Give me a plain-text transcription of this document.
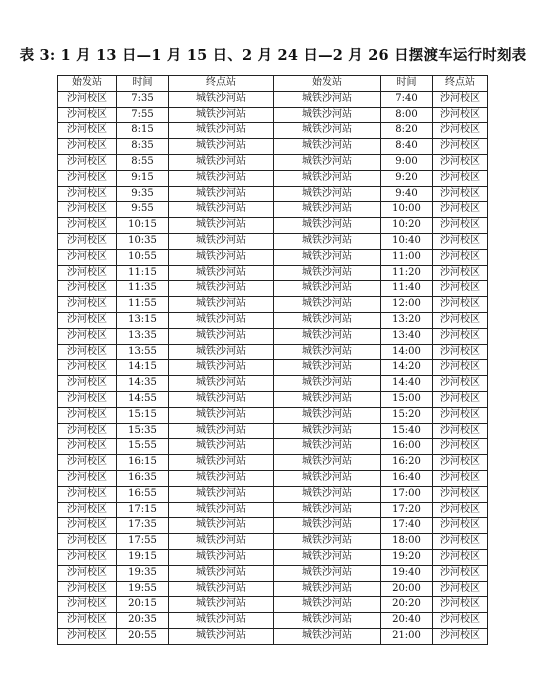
表 3: 1 月 13 日—1 月 15 日、2 月 24 日—2 月 26 日摆渡车运行时刻表
始发站	时间	终点站	始发站	时间	终点站
沙河校区	7:35	城铁沙河站	城铁沙河站	7:40	沙河校区
沙河校区	7:55	城铁沙河站	城铁沙河站	8:00	沙河校区
沙河校区	8:15	城铁沙河站	城铁沙河站	8:20	沙河校区
沙河校区	8:35	城铁沙河站	城铁沙河站	8:40	沙河校区
沙河校区	8:55	城铁沙河站	城铁沙河站	9:00	沙河校区
沙河校区	9:15	城铁沙河站	城铁沙河站	9:20	沙河校区
沙河校区	9:35	城铁沙河站	城铁沙河站	9:40	沙河校区
沙河校区	9:55	城铁沙河站	城铁沙河站	10:00	沙河校区
沙河校区	10:15	城铁沙河站	城铁沙河站	10:20	沙河校区
沙河校区	10:35	城铁沙河站	城铁沙河站	10:40	沙河校区
沙河校区	10:55	城铁沙河站	城铁沙河站	11:00	沙河校区
沙河校区	11:15	城铁沙河站	城铁沙河站	11:20	沙河校区
沙河校区	11:35	城铁沙河站	城铁沙河站	11:40	沙河校区
沙河校区	11:55	城铁沙河站	城铁沙河站	12:00	沙河校区
沙河校区	13:15	城铁沙河站	城铁沙河站	13:20	沙河校区
沙河校区	13:35	城铁沙河站	城铁沙河站	13:40	沙河校区
沙河校区	13:55	城铁沙河站	城铁沙河站	14:00	沙河校区
沙河校区	14:15	城铁沙河站	城铁沙河站	14:20	沙河校区
沙河校区	14:35	城铁沙河站	城铁沙河站	14:40	沙河校区
沙河校区	14:55	城铁沙河站	城铁沙河站	15:00	沙河校区
沙河校区	15:15	城铁沙河站	城铁沙河站	15:20	沙河校区
沙河校区	15:35	城铁沙河站	城铁沙河站	15:40	沙河校区
沙河校区	15:55	城铁沙河站	城铁沙河站	16:00	沙河校区
沙河校区	16:15	城铁沙河站	城铁沙河站	16:20	沙河校区
沙河校区	16:35	城铁沙河站	城铁沙河站	16:40	沙河校区
沙河校区	16:55	城铁沙河站	城铁沙河站	17:00	沙河校区
沙河校区	17:15	城铁沙河站	城铁沙河站	17:20	沙河校区
沙河校区	17:35	城铁沙河站	城铁沙河站	17:40	沙河校区
沙河校区	17:55	城铁沙河站	城铁沙河站	18:00	沙河校区
沙河校区	19:15	城铁沙河站	城铁沙河站	19:20	沙河校区
沙河校区	19:35	城铁沙河站	城铁沙河站	19:40	沙河校区
沙河校区	19:55	城铁沙河站	城铁沙河站	20:00	沙河校区
沙河校区	20:15	城铁沙河站	城铁沙河站	20:20	沙河校区
沙河校区	20:35	城铁沙河站	城铁沙河站	20:40	沙河校区
沙河校区	20:55	城铁沙河站	城铁沙河站	21:00	沙河校区
